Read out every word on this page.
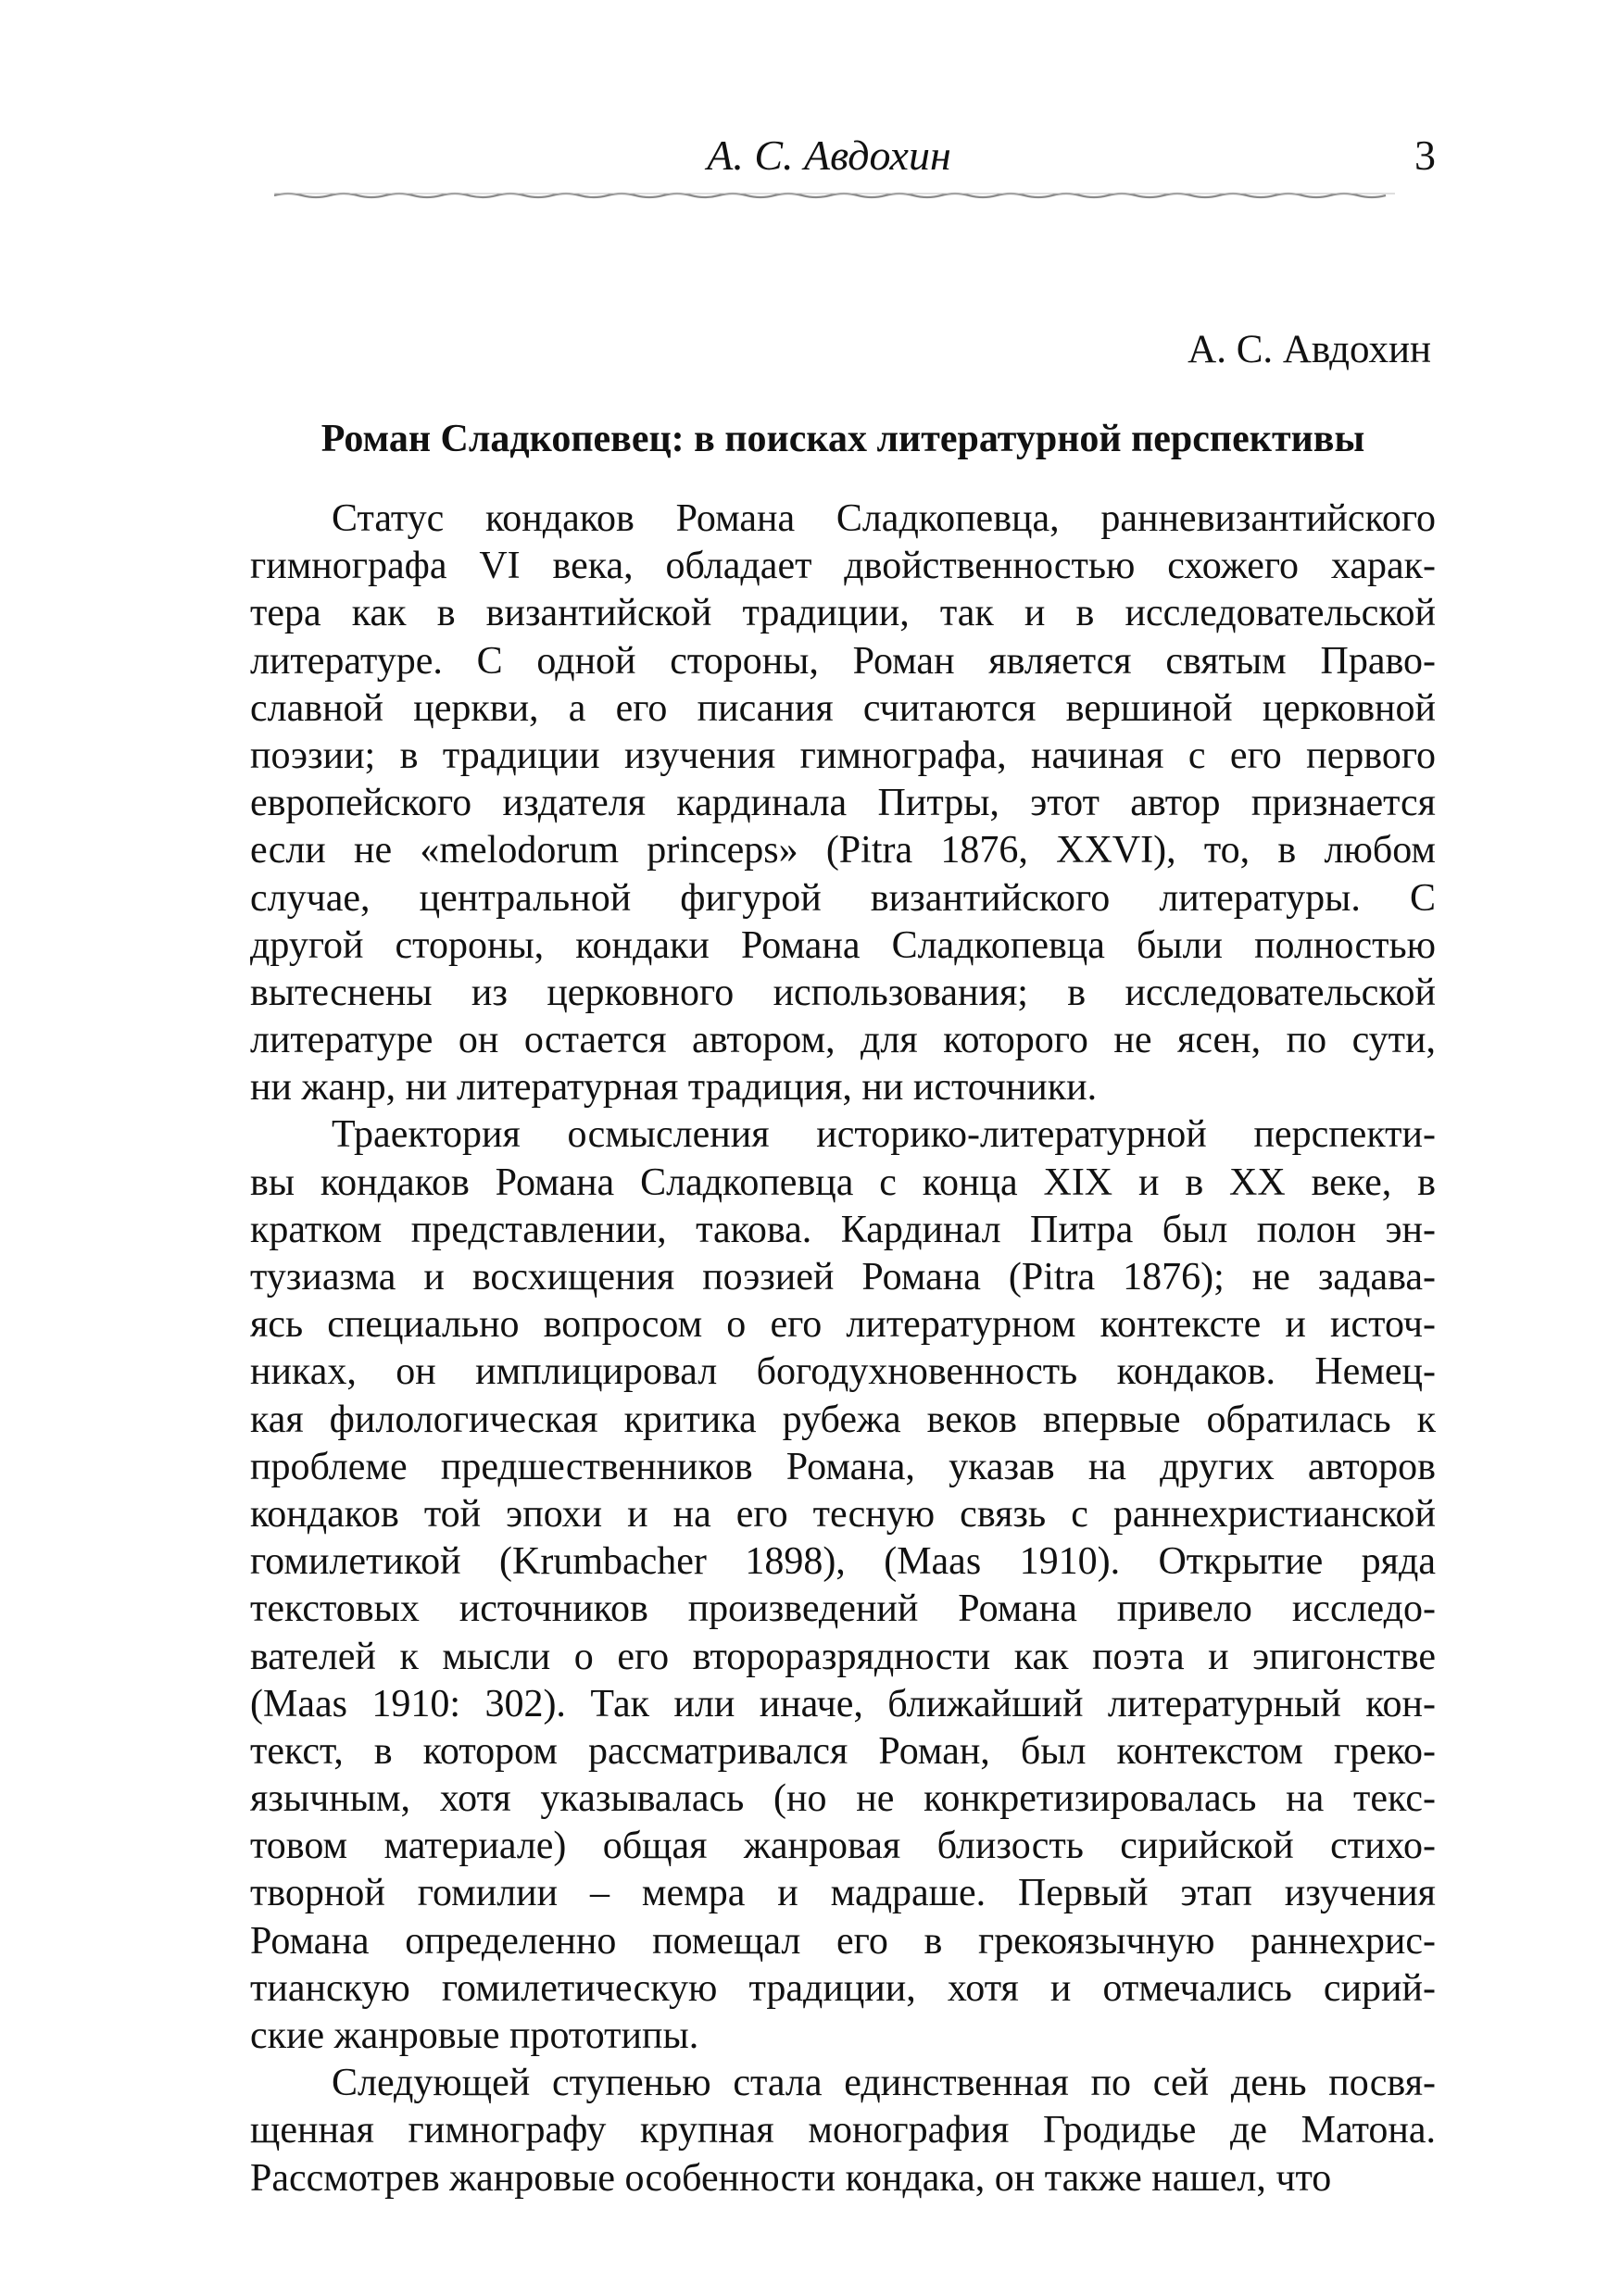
А. С. Авдохин	3
А. С. Авдохин
Роман Сладкопевец: в поисках литературной перспективы
Статус кондаков Романа Сладкопевца, ранневизантийского
гимнографа VI века, обладает двойственностью схожего харак-
тера как в византийской традиции, так и в исследовательской
литературе. С одной стороны, Роман является святым Право-
славной церкви, а его писания считаются вершиной церковной
поэзии; в традиции изучения гимнографа, начиная с его первого
европейского издателя кардинала Питры, этот автор признается
если не «melodorum princeps» (Pitra 1876, XXVI), то, в любом
случае, центральной фигурой византийского литературы. С
другой стороны, кондаки Романа Сладкопевца были полностью
вытеснены из церковного использования; в исследовательской
литературе он остается автором, для которого не ясен, по сути,
ни жанр, ни литературная традиция, ни источники.
Траектория осмысления историко-литературной перспекти-
вы кондаков Романа Сладкопевца с конца XIX и в XX веке, в
кратком представлении, такова. Кардинал Питра был полон эн-
тузиазма и восхищения поэзией Романа (Pitra 1876); не задава-
ясь специально вопросом о его литературном контексте и источ-
никах, он имплицировал богодухновенность кондаков. Немец-
кая филологическая критика рубежа веков впервые обратилась к
проблеме предшественников Романа, указав на других авторов
кондаков той эпохи и на его тесную связь с раннехристианской
гомилетикой (Krumbacher 1898), (Maas 1910). Открытие ряда
текстовых источников произведений Романа привело исследо-
вателей к мысли о его второразрядности как поэта и эпигонстве
(Maas 1910: 302). Так или иначе, ближайший литературный кон-
текст, в котором рассматривался Роман, был контекстом греко-
язычным, хотя указывалась (но не конкретизировалась на текс-
товом материале) общая жанровая близость сирийской стихо-
творной гомилии – мемра и мадраше. Первый этап изучения
Романа определенно помещал его в грекоязычную раннехрис-
тианскую гомилетическую традиции, хотя и отмечались сирий-
ские жанровые прототипы.
Следующей ступенью стала единственная по сей день посвя-
щенная гимнографу крупная монография Гродидье де Матона.
Рассмотрев жанровые особенности кондака, он также нашел, что
